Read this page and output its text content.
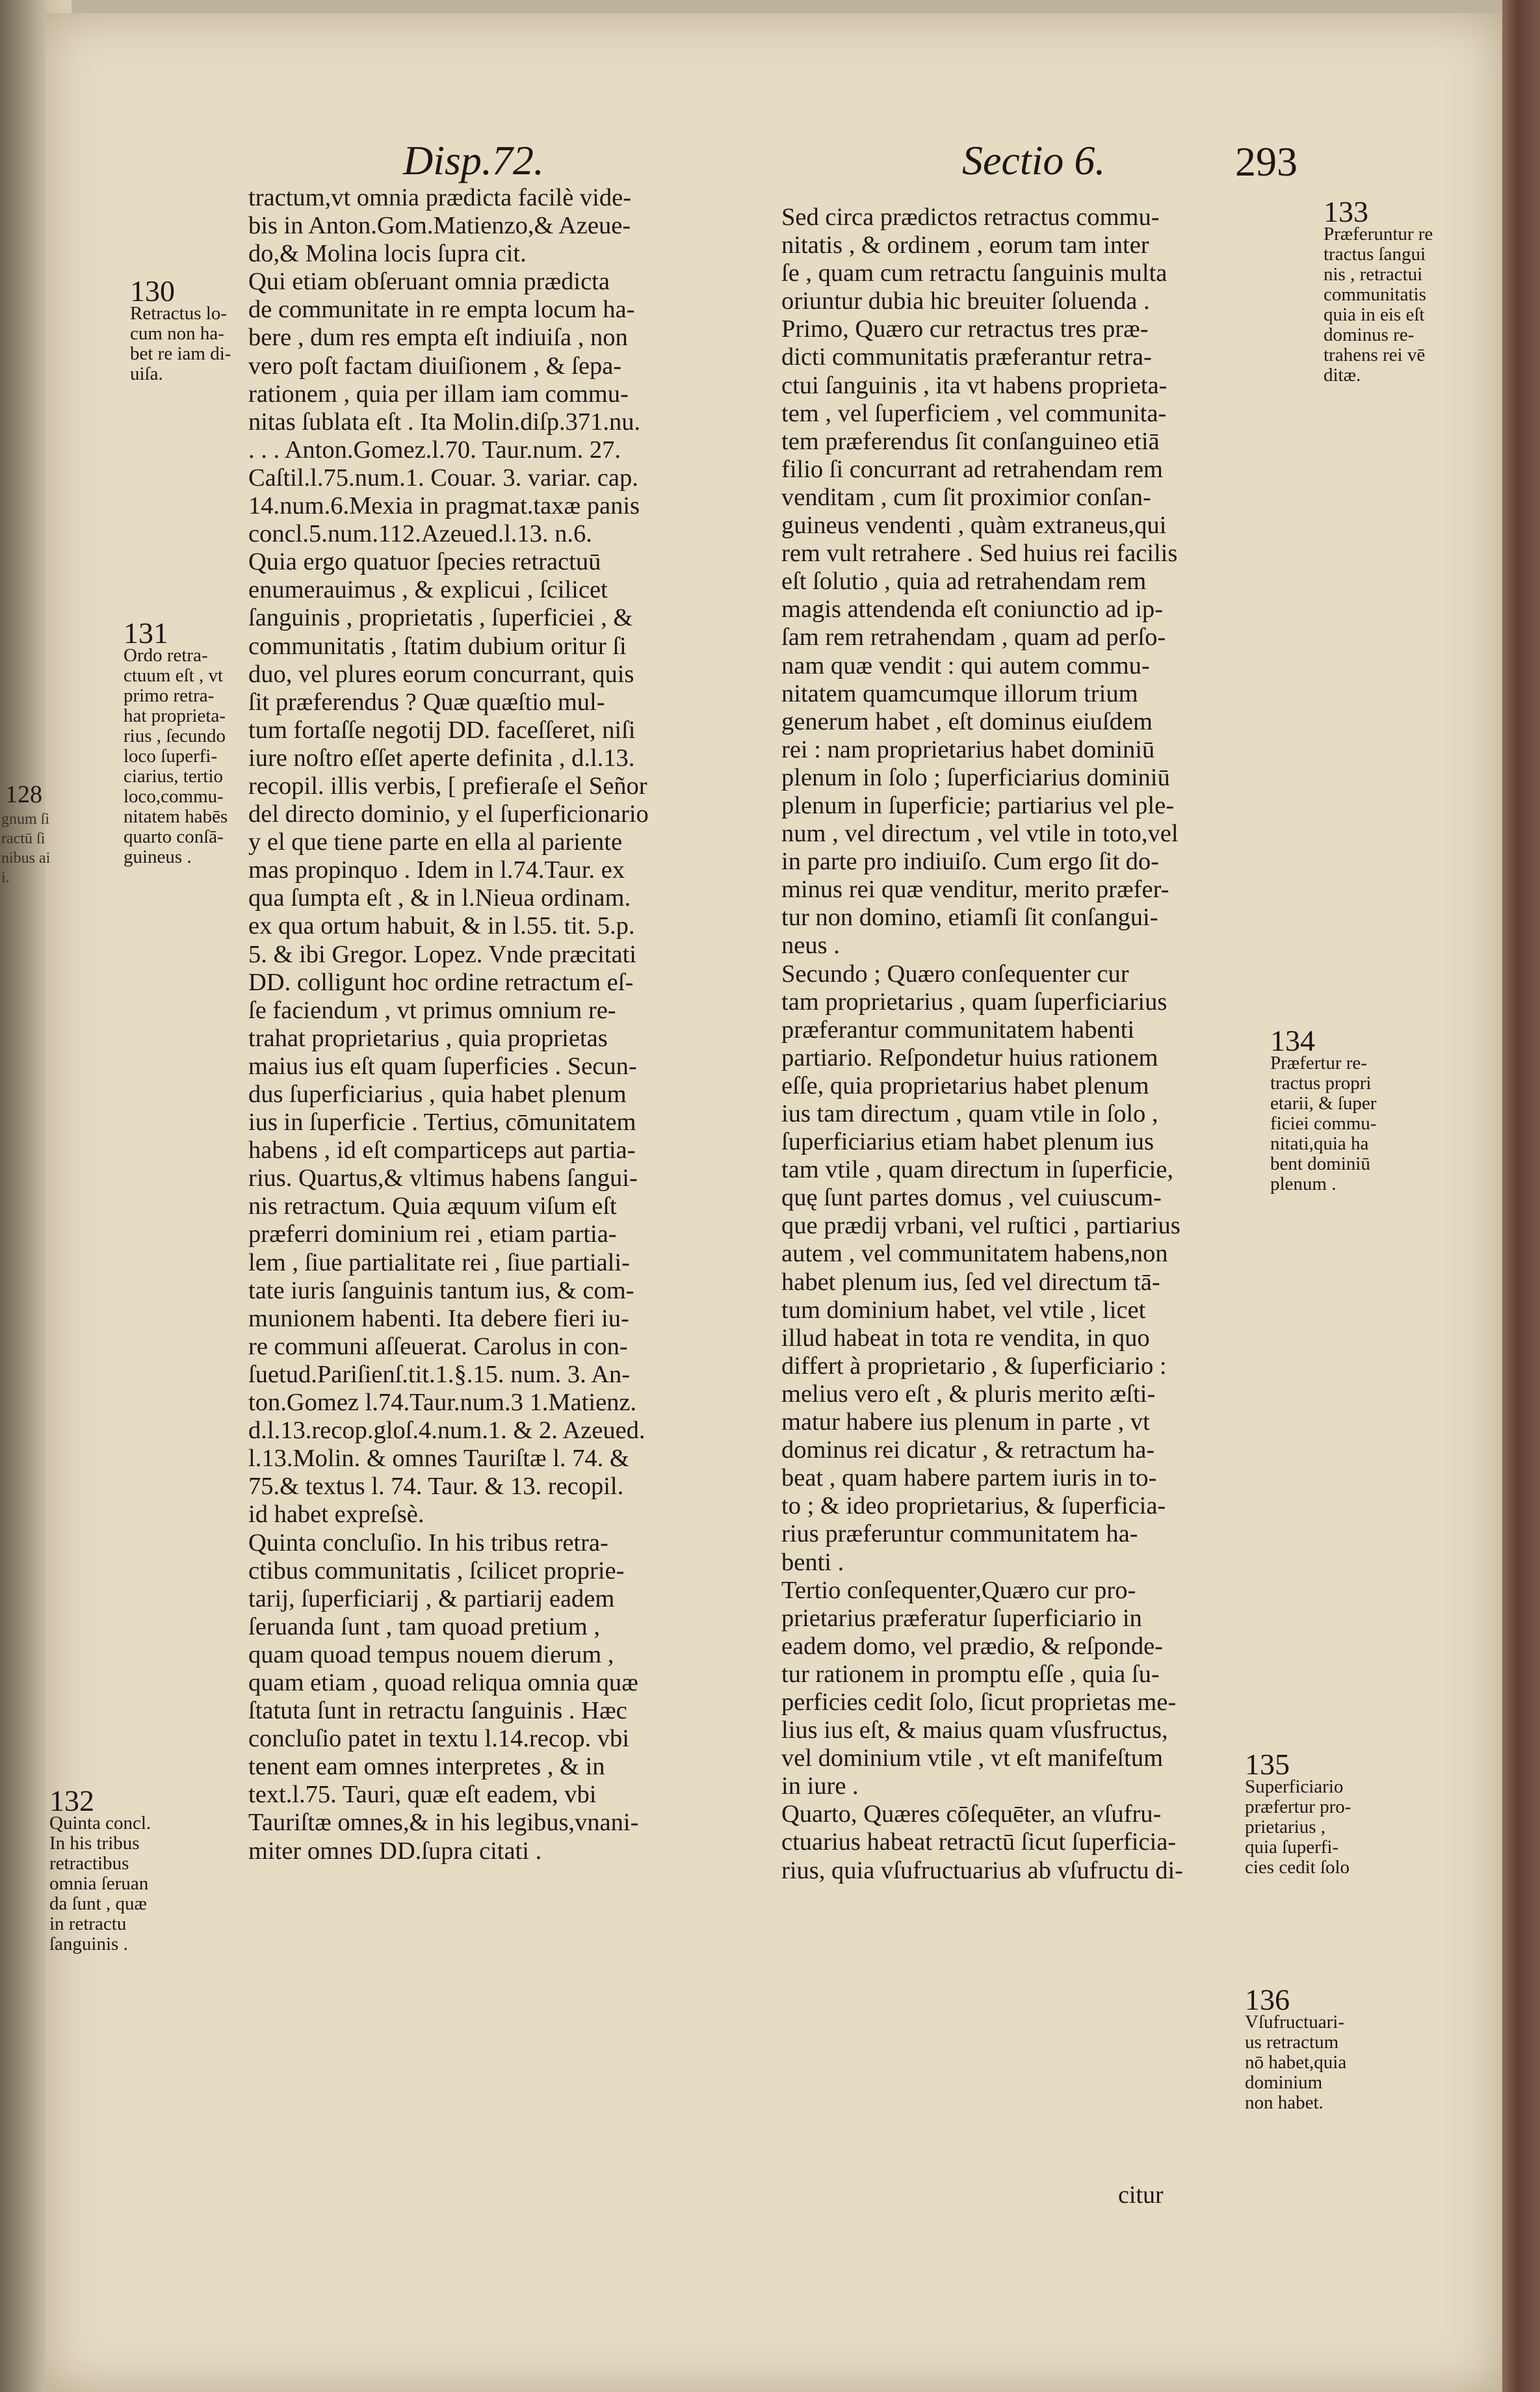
Disp.72.	Sectio 6.	293
tractum,vt omnia prædicta facilè vide-
bis in Anton.Gom.Matienzo,& Azeue-
do,& Molina locis ſupra cit.
Qui etiam obſeruant omnia prædicta
de communitate in re empta locum ha-
bere , dum res empta eſt indiuiſa , non
vero poſt factam diuiſionem , & ſepa-
rationem , quia per illam iam commu-
nitas ſublata eſt . Ita Molin.diſp.371.nu.
. . . Anton.Gomez.l.70. Taur.num. 27.
Caſtil.l.75.num.1. Couar. 3. variar. cap.
14.num.6.Mexia in pragmat.taxæ panis
concl.5.num.112.Azeued.l.13. n.6.
Quia ergo quatuor ſpecies retractuū
enumerauimus , & explicui , ſcilicet
ſanguinis , proprietatis , ſuperficiei , &
communitatis , ſtatim dubium oritur ſi
duo, vel plures eorum concurrant, quis
ſit præferendus ? Quæ quæſtio mul-
tum fortaſſe negotij DD. faceſſeret, niſi
iure noſtro eſſet aperte definita , d.l.13.
recopil. illis verbis, [ prefieraſe el Señor
del directo dominio, y el ſuperficionario
y el que tiene parte en ella al pariente
mas propinquo . Idem in l.74.Taur. ex
qua ſumpta eſt , & in l.Nieua ordinam.
ex qua ortum habuit, & in l.55. tit. 5.p.
5. & ibi Gregor. Lopez. Vnde præcitati
DD. colligunt hoc ordine retractum eſ-
ſe faciendum , vt primus omnium re-
trahat proprietarius , quia proprietas
maius ius eſt quam ſuperficies . Secun-
dus ſuperficiarius , quia habet plenum
ius in ſuperficie . Tertius, cōmunitatem
habens , id eſt comparticeps aut partia-
rius. Quartus,& vltimus habens ſangui-
nis retractum. Quia æquum viſum eſt
præferri dominium rei , etiam partia-
lem , ſiue partialitate rei , ſiue partiali-
tate iuris ſanguinis tantum ius, & com-
munionem habenti. Ita debere fieri iu-
re communi aſſeuerat. Carolus in con-
ſuetud.Pariſienſ.tit.1.§.15. num. 3. An-
ton.Gomez l.74.Taur.num.3 1.Matienz.
d.l.13.recop.gloſ.4.num.1. & 2. Azeued.
l.13.Molin. & omnes Tauriſtæ l. 74. &
75.& textus l. 74. Taur. & 13. recopil.
id habet expreſsè.
Quinta concluſio. In his tribus retra-
ctibus communitatis , ſcilicet proprie-
tarij, ſuperficiarij , & partiarij eadem
ſeruanda ſunt , tam quoad pretium ,
quam quoad tempus nouem dierum ,
quam etiam , quoad reliqua omnia quæ
ſtatuta ſunt in retractu ſanguinis . Hæc
concluſio patet in textu l.14.recop. vbi
tenent eam omnes interpretes , & in
text.l.75. Tauri, quæ eſt eadem, vbi
Tauriſtæ omnes,& in his legibus,vnani-
miter omnes DD.ſupra citati .
Sed circa prædictos retractus commu-
nitatis , & ordinem , eorum tam inter
ſe , quam cum retractu ſanguinis multa
oriuntur dubia hic breuiter ſoluenda .
Primo, Quæro cur retractus tres præ-
dicti communitatis præferantur retra-
ctui ſanguinis , ita vt habens proprieta-
tem , vel ſuperficiem , vel communita-
tem præferendus ſit conſanguineo etiā
filio ſi concurrant ad retrahendam rem
venditam , cum ſit proximior conſan-
guineus vendenti , quàm extraneus,qui
rem vult retrahere . Sed huius rei facilis
eſt ſolutio , quia ad retrahendam rem
magis attendenda eſt coniunctio ad ip-
ſam rem retrahendam , quam ad perſo-
nam quæ vendit : qui autem commu-
nitatem quamcumque illorum trium
generum habet , eſt dominus eiuſdem
rei : nam proprietarius habet dominiū
plenum in ſolo ; ſuperficiarius dominiū
plenum in ſuperficie; partiarius vel ple-
num , vel directum , vel vtile in toto,vel
in parte pro indiuiſo. Cum ergo ſit do-
minus rei quæ venditur, merito præfer-
tur non domino, etiamſi ſit conſangui-
neus .
Secundo ; Quæro conſequenter cur
tam proprietarius , quam ſuperficiarius
præferantur communitatem habenti
partiario. Reſpondetur huius rationem
eſſe, quia proprietarius habet plenum
ius tam directum , quam vtile in ſolo ,
ſuperficiarius etiam habet plenum ius
tam vtile , quam directum in ſuperficie,
quę ſunt partes domus , vel cuiuscum-
que prædij vrbani, vel ruſtici , partiarius
autem , vel communitatem habens,non
habet plenum ius, ſed vel directum tā-
tum dominium habet, vel vtile , licet
illud habeat in tota re vendita, in quo
differt à proprietario , & ſuperficiario :
melius vero eſt , & pluris merito æſti-
matur habere ius plenum in parte , vt
dominus rei dicatur , & retractum ha-
beat , quam habere partem iuris in to-
to ; & ideo proprietarius, & ſuperficia-
rius præferuntur communitatem ha-
benti .
Tertio conſequenter,Quæro cur pro-
prietarius præferatur ſuperficiario in
eadem domo, vel prædio, & reſponde-
tur rationem in promptu eſſe , quia ſu-
perficies cedit ſolo, ſicut proprietas me-
lius ius eſt, & maius quam vſusfructus,
vel dominium vtile , vt eſt manifeſtum
in iure .
Quarto, Quæres cōſequēter, an vſufru-
ctuarius habeat retractū ſicut ſuperficia-
rius, quia vſufructuarius ab vſufructu di-
130
Retractus lo-
cum non ha-
bet re iam di-
uiſa.
131
Ordo retra-
ctuum eſt , vt
primo retra-
hat proprieta-
rius , ſecundo
loco ſuperfi-
ciarius, tertio
loco,commu-
nitatem habēs
quarto conſā-
guineus .
132
Quinta concl.
In his tribus
retractibus
omnia ſeruan
da ſunt , quæ
in retractu
ſanguinis .
133
Præferuntur re
tractus ſangui
nis , retractui
communitatis
quia in eis eſt
dominus re-
trahens rei vē
ditæ.
134
Præfertur re-
tractus propri
etarii, & ſuper
ficiei commu-
nitati,quia ha
bent dominiū
plenum .
135
Superficiario
præfertur pro-
prietarius ,
quia ſuperfi-
cies cedit ſolo
136
Vſufructuari-
us retractum
nō habet,quia
dominium
non habet.
128
gnum ſi
ractū ſi
nibus ai
i.
citur
